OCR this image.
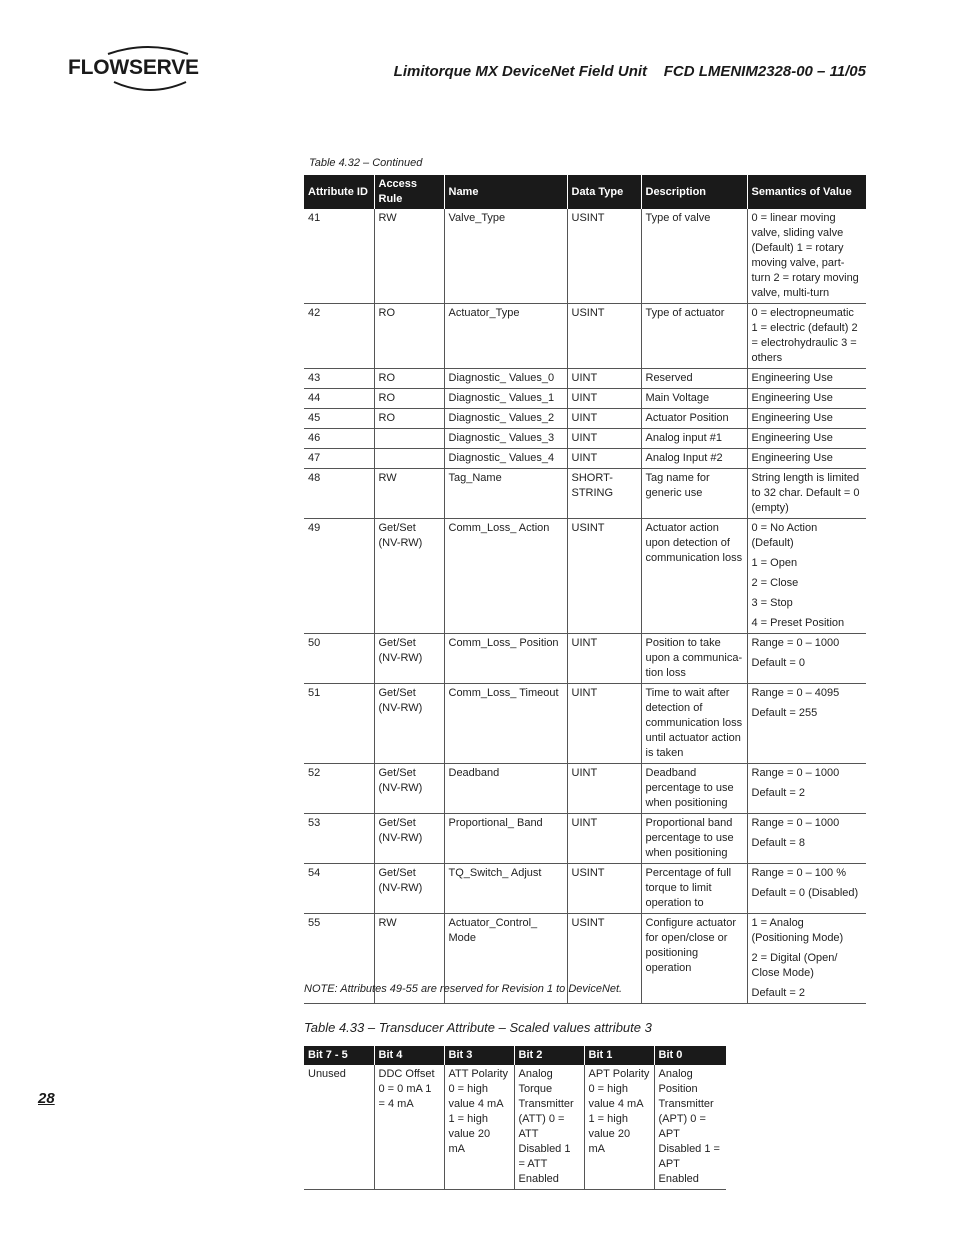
FLOWSERVE	Limitorque MX DeviceNet Field Unit    FCD LMENIM2328-00 – 11/05
Table 4.32 – Continued
Attribute ID	Access Rule	Name	Data Type	Description	Semantics of Value
41	RW	Valve_Type	USINT	Type of valve	0 = linear moving valve, sliding valve (Default) 1 = rotary moving valve, part-turn 2 = rotary moving valve, multi-turn
42	RO	Actuator_Type	USINT	Type of actuator	0 = electropneumatic 1 = electric (default) 2 = electrohydraulic 3 = others
43	RO	Diagnostic_ Values_0	UINT	Reserved	Engineering Use
44	RO	Diagnostic_ Values_1	UINT	Main Voltage	Engineering Use
45	RO	Diagnostic_ Values_2	UINT	Actuator Position	Engineering Use
46		Diagnostic_ Values_3	UINT	Analog input #1	Engineering Use
47		Diagnostic_ Values_4	UINT	Analog Input #2	Engineering Use
48	RW	Tag_Name	SHORT-STRING	Tag name for generic use	String length is limited to 32 char. Default = 0 (empty)
49	Get/Set (NV-RW)	Comm_Loss_ Action	USINT	Actuator action upon detection of communication loss	0 = No Action (Default)
1 = Open
2 = Close
3 = Stop
4 = Preset Position
50	Get/Set (NV-RW)	Comm_Loss_ Position	UINT	Position to take upon a communica-tion loss	Range = 0 – 1000
Default = 0
51	Get/Set (NV-RW)	Comm_Loss_ Timeout	UINT	Time to wait after detection of communication loss until actuator action is taken	Range = 0 – 4095
Default = 255
52	Get/Set (NV-RW)	Deadband	UINT	Deadband percentage to use when positioning	Range = 0 – 1000
Default = 2
53	Get/Set (NV-RW)	Proportional_ Band	UINT	Proportional band percentage to use when positioning	Range = 0 – 1000
Default = 8
54	Get/Set (NV-RW)	TQ_Switch_ Adjust	USINT	Percentage of full torque to limit operation to	Range = 0 – 100 %
Default = 0 (Disabled)
55	RW	Actuator_Control_ Mode	USINT	Configure actuator for open/close or positioning operation	1 = Analog (Positioning Mode)
2 = Digital (Open/ Close Mode)
Default = 2
NOTE: Attributes 49-55 are reserved for Revision 1 to DeviceNet.
Table 4.33 – Transducer Attribute – Scaled values attribute 3
Bit 7 - 5	Bit 4	Bit 3	Bit 2	Bit 1	Bit 0
Unused	DDC Offset 0 = 0 mA 1 = 4 mA	ATT Polarity 0 = high value 4 mA 1 = high value 20 mA	Analog Torque Transmitter (ATT) 0 = ATT Disabled 1 = ATT Enabled	APT Polarity 0 = high value 4 mA 1 = high value 20 mA	Analog Position Transmitter (APT) 0 = APT Disabled 1 = APT Enabled
28
